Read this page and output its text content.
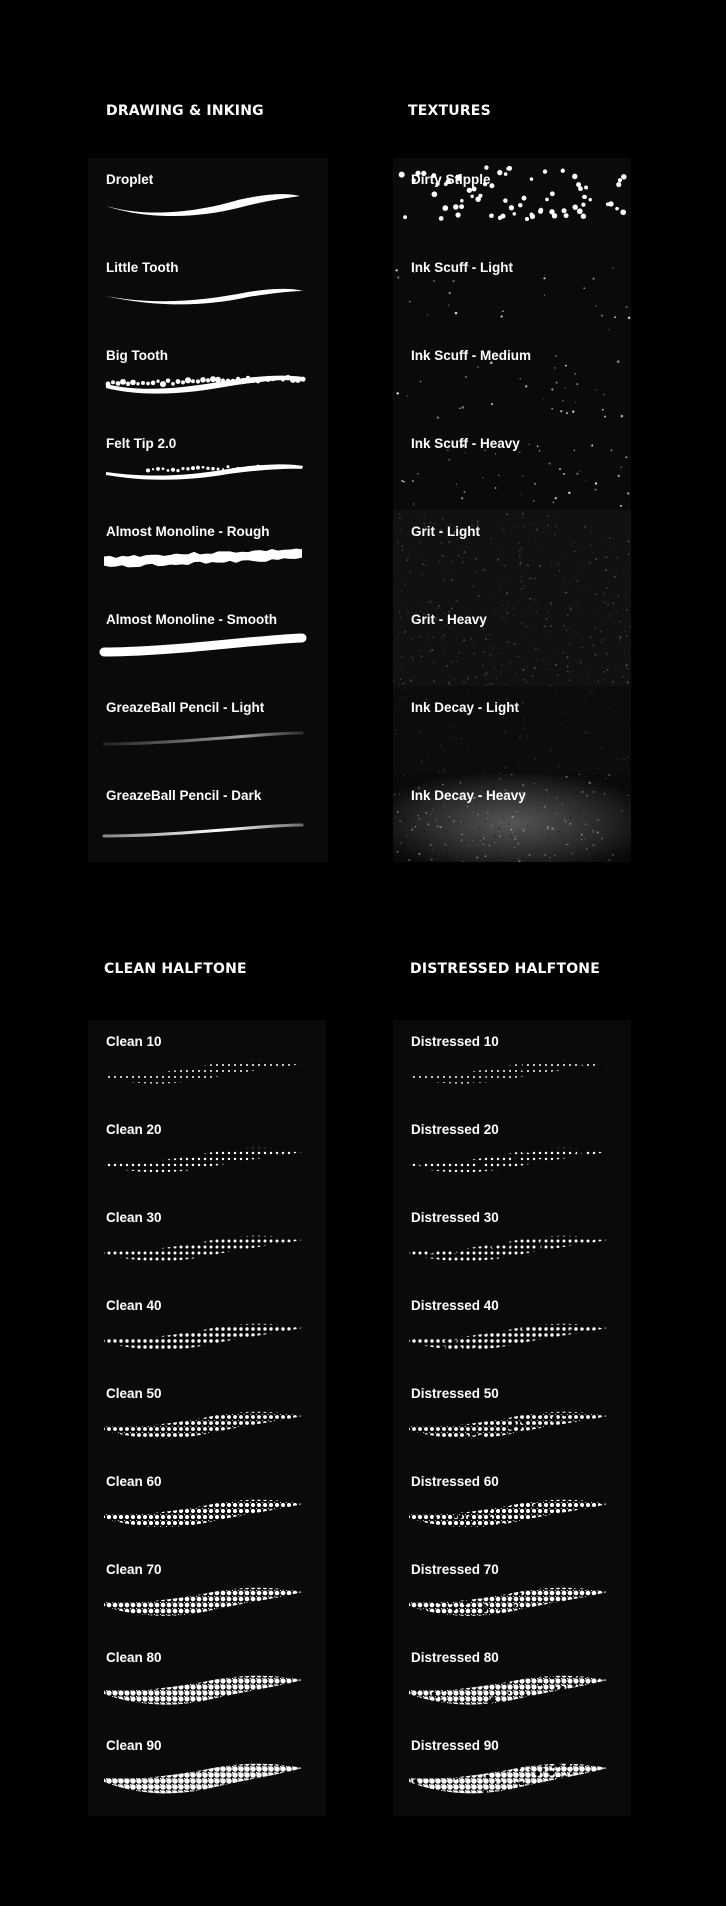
DRAWING & INKING	TEXTURES
CLEAN HALFTONE	DISTRESSED HALFTONE
Droplet
Little Tooth
Big Tooth
Felt Tip 2.0
Almost Monoline - Rough
Almost Monoline - Smooth
GreazeBall Pencil - Light
GreazeBall Pencil - Dark
Dirty Stipple
Ink Scuff - Light
Ink Scuff - Medium
Ink Scuff - Heavy
Grit - Light
Grit - Heavy
Ink Decay - Light
Ink Decay - Heavy
Clean 10
Clean 20
Clean 30
Clean 40
Clean 50
Clean 60
Clean 70
Clean 80
Clean 90
Distressed 10
Distressed 20
Distressed 30
Distressed 40
Distressed 50
Distressed 60
Distressed 70
Distressed 80
Distressed 90
